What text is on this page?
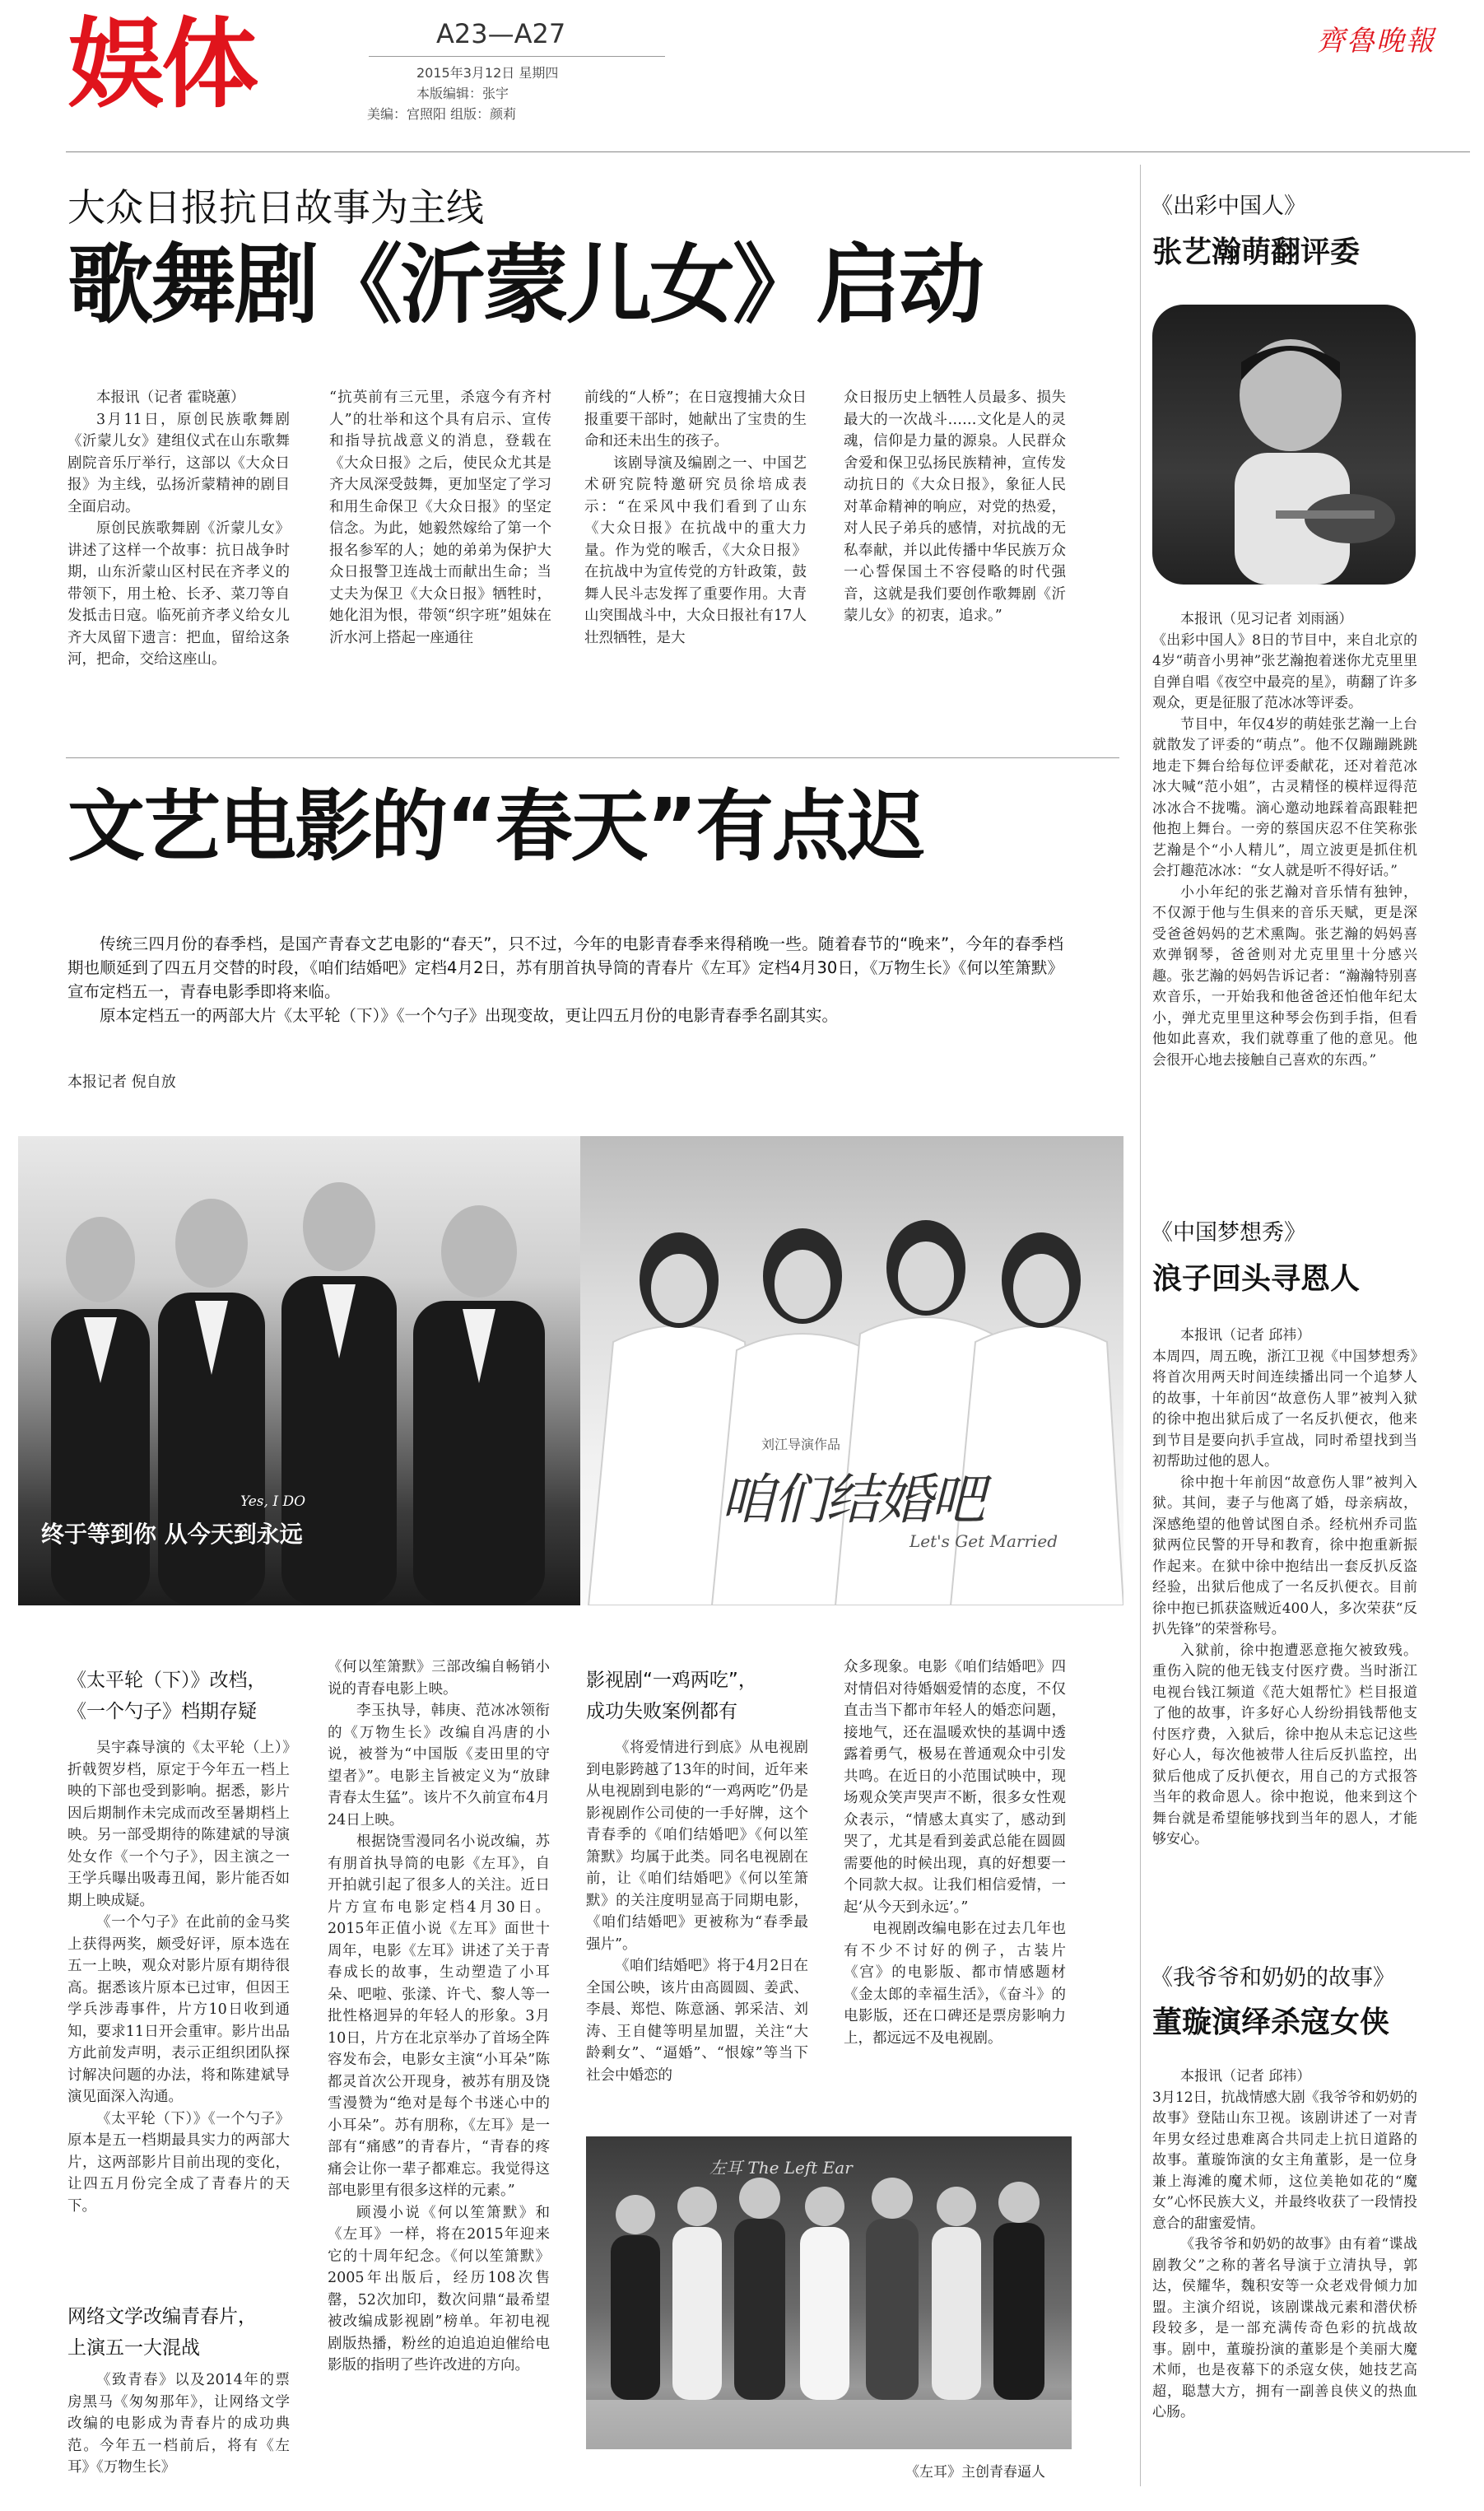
娱体	A23—A27
2015年3月12日 星期四
本版编辑：张宇
美编：宫照阳 组版：颜莉
齊魯晚報
大众日报抗日故事为主线
歌舞剧《沂蒙儿女》启动

本报讯（记者 霍晓蕙）

3月11日，原创民族歌舞剧《沂蒙儿女》建组仪式在山东歌舞剧院音乐厅举行，这部以《大众日报》为主线，弘扬沂蒙精神的剧目全面启动。

原创民族歌舞剧《沂蒙儿女》讲述了这样一个故事：抗日战争时期，山东沂蒙山区村民在齐孝义的带领下，用土枪、长矛、菜刀等自发抵击日寇。临死前齐孝义给女儿齐大凤留下遗言：把血，留给这条河，把命，交给这座山。

“抗英前有三元里，杀寇今有齐村人”的壮举和这个具有启示、宣传和指导抗战意义的消息，登载在《大众日报》之后，使民众尤其是齐大凤深受鼓舞，更加坚定了学习和用生命保卫《大众日报》的坚定信念。为此，她毅然嫁给了第一个报名参军的人；她的弟弟为保护大众日报警卫连战士而献出生命；当丈夫为保卫《大众日报》牺牲时，她化泪为恨，带领“织字班”姐妹在沂水河上搭起一座通往

前线的“人桥”；在日寇搜捕大众日报重要干部时，她献出了宝贵的生命和还未出生的孩子。

该剧导演及编剧之一、中国艺术研究院特邀研究员徐培成表示：“在采风中我们看到了山东《大众日报》在抗战中的重大力量。作为党的喉舌，《大众日报》在抗战中为宣传党的方针政策，鼓舞人民斗志发挥了重要作用。大青山突围战斗中，大众日报社有17人壮烈牺牲，是大

众日报历史上牺牲人员最多、损失最大的一次战斗……文化是人的灵魂，信仰是力量的源泉。人民群众舍爱和保卫弘扬民族精神，宣传发动抗日的《大众日报》，象征人民对革命精神的响应，对党的热爱，对人民子弟兵的感情，对抗战的无私奉献，并以此传播中华民族万众一心誓保国土不容侵略的时代强音，这就是我们要创作歌舞剧《沂蒙儿女》的初衷，追求。”

文艺电影的“春天”有点迟

传统三四月份的春季档，是国产青春文艺电影的“春天”，只不过，今年的电影青春季来得稍晚一些。随着春节的“晚来”，今年的春季档期也顺延到了四五月交替的时段，《咱们结婚吧》定档4月2日，苏有朋首执导筒的青春片《左耳》定档4月30日，《万物生长》《何以笙箫默》宣布定档五一，青春电影季即将来临。

原本定档五一的两部大片《太平轮（下）》《一个勺子》出现变故，更让四五月份的电影青春季名副其实。

本报记者 倪自放
终于等到你 从今天到永远
Yes, I DO
刘江导演作品
咱们结婚吧
Let's Get Married
《太平轮（下）》改档，
《一个勺子》档期存疑

吴宇森导演的《太平轮（上）》折戟贺岁档，原定于今年五一档上映的下部也受到影响。据悉，影片因后期制作未完成而改至暑期档上映。另一部受期待的陈建斌的导演处女作《一个勺子》，因主演之一王学兵曝出吸毒丑闻，影片能否如期上映成疑。

《一个勺子》在此前的金马奖上获得两奖，颇受好评，原本选在五一上映，观众对影片原有期待很高。据悉该片原本已过审，但因王学兵涉毒事件，片方10日收到通知，要求11日开会重审。影片出品方此前发声明，表示正组织团队探讨解决问题的办法，将和陈建斌导演见面深入沟通。

《太平轮（下）》《一个勺子》原本是五一档期最具实力的两部大片，这两部影片目前出现的变化，让四五月份完全成了青春片的天下。

网络文学改编青春片，
上演五一大混战

《致青春》以及2014年的票房黑马《匆匆那年》，让网络文学改编的电影成为青春片的成功典范。今年五一档前后，将有《左耳》《万物生长》

《何以笙箫默》三部改编自畅销小说的青春电影上映。

李玉执导，韩庚、范冰冰领衔的《万物生长》改编自冯唐的小说，被誉为“中国版《麦田里的守望者》”。电影主旨被定义为“放肆青春太生猛”。该片不久前宣布4月24日上映。

根据饶雪漫同名小说改编，苏有朋首执导筒的电影《左耳》，自开拍就引起了很多人的关注。近日片方宣布电影定档4月30日。2015年正值小说《左耳》面世十周年，电影《左耳》讲述了关于青春成长的故事，生动塑造了小耳朵、吧啦、张漾、许弋、黎人等一批性格迥异的年轻人的形象。3月10日，片方在北京举办了首场全阵容发布会，电影女主演“小耳朵”陈都灵首次公开现身，被苏有朋及饶雪漫赞为“绝对是每个书迷心中的小耳朵”。苏有朋称，《左耳》是一部有“痛感”的青春片，“青春的疼痛会让你一辈子都难忘。我觉得这部电影里有很多这样的元素。”

顾漫小说《何以笙箫默》和《左耳》一样，将在2015年迎来它的十周年纪念。《何以笙箫默》2005年出版后，经历108次售罄，52次加印，数次问鼎“最希望被改编成影视剧”榜单。年初电视剧版热播，粉丝的迫追迫迫催给电影版的指明了些许改进的方向。

影视剧“一鸡两吃”，
成功失败案例都有

《将爱情进行到底》从电视剧到电影跨越了13年的时间，近年来从电视剧到电影的“一鸡两吃”仍是影视剧作公司使的一手好牌，这个青春季的《咱们结婚吧》《何以笙箫默》均属于此类。同名电视剧在前，让《咱们结婚吧》《何以笙箫默》的关注度明显高于同期电影，《咱们结婚吧》更被称为“春季最强片”。

《咱们结婚吧》将于4月2日在全国公映，该片由高圆圆、姜武、李晨、郑恺、陈意涵、郭采洁、刘涛、王自健等明星加盟，关注“大龄剩女”、“逼婚”、“恨嫁”等当下社会中婚恋的

众多现象。电影《咱们结婚吧》四对情侣对待婚姻爱情的态度，不仅直击当下都市年轻人的婚恋问题，接地气，还在温暖欢快的基调中透露着勇气，极易在普通观众中引发共鸣。在近日的小范围试映中，现场观众笑声哭声不断，很多女性观众表示，“情感太真实了，感动到哭了，尤其是看到姜武总能在圆圆需要他的时候出现，真的好想要一个同款大叔。让我们相信爱情，一起‘从今天到永远’。”

电视剧改编电影在过去几年也有不少不讨好的例子，古装片《宫》的电影版、都市情感题材《金太郎的幸福生活》，《奋斗》的电影版，还在口碑还是票房影响力上，都远远不及电视剧。

左耳 The Left Ear
《左耳》主创青春逼人
《出彩中国人》
张艺瀚萌翻评委

本报讯（见习记者 刘雨涵）

《出彩中国人》8日的节目中，来自北京的4岁“萌音小男神”张艺瀚抱着迷你尤克里里自弹自唱《夜空中最亮的星》，萌翻了许多观众，更是征服了范冰冰等评委。

节目中，年仅4岁的萌娃张艺瀚一上台就散发了评委的“萌点”。他不仅蹦蹦跳跳地走下舞台给每位评委献花，还对着范冰冰大喊“范小姐”，古灵精怪的模样逗得范冰冰合不拢嘴。滴心邀动地踩着高跟鞋把他抱上舞台。一旁的蔡国庆忍不住笑称张艺瀚是个“小人精儿”，周立波更是抓住机会打趣范冰冰：“女人就是听不得好话。”

小小年纪的张艺瀚对音乐情有独钟，不仅源于他与生俱来的音乐天赋，更是深受爸爸妈妈的艺术熏陶。张艺瀚的妈妈喜欢弹钢琴，爸爸则对尤克里里十分感兴趣。张艺瀚的妈妈告诉记者：“瀚瀚特别喜欢音乐，一开始我和他爸爸还怕他年纪太小，弹尤克里里这种琴会伤到手指，但看他如此喜欢，我们就尊重了他的意见。他会很开心地去接触自己喜欢的东西。”

《中国梦想秀》
浪子回头寻恩人

本报讯（记者 邱祎）

本周四，周五晚，浙江卫视《中国梦想秀》将首次用两天时间连续播出同一个追梦人的故事，十年前因“故意伤人罪”被判入狱的徐中抱出狱后成了一名反扒便衣，他来到节目是要向扒手宣战，同时希望找到当初帮助过他的恩人。

徐中抱十年前因“故意伤人罪”被判入狱。其间，妻子与他离了婚，母亲病故，深感绝望的他曾试图自杀。经杭州乔司监狱两位民警的开导和教育，徐中抱重新振作起来。在狱中徐中抱结出一套反扒反盗经验，出狱后他成了一名反扒便衣。目前徐中抱已抓获盗贼近400人，多次荣获“反扒先锋”的荣誉称号。

入狱前，徐中抱遭恶意拖欠被致残。重伤入院的他无钱支付医疗费。当时浙江电视台钱江频道《范大姐帮忙》栏目报道了他的故事，许多好心人纷纷捐钱帮他支付医疗费，入狱后，徐中抱从未忘记这些好心人，每次他被带人往后反扒监控，出狱后他成了反扒便衣，用自己的方式报答当年的救命恩人。徐中抱说，他来到这个舞台就是希望能够找到当年的恩人，才能够安心。

《我爷爷和奶奶的故事》
董璇演绎杀寇女侠

本报讯（记者 邱祎）

3月12日，抗战情感大剧《我爷爷和奶奶的故事》登陆山东卫视。该剧讲述了一对青年男女经过患难离合共同走上抗日道路的故事。董璇饰演的女主角董影，是一位身兼上海滩的魔术师，这位美艳如花的“魔女”心怀民族大义，并最终收获了一段情投意合的甜蜜爱情。

《我爷爷和奶奶的故事》由有着“谍战剧教父”之称的著名导演于立清执导，郭达，侯耀华，魏积安等一众老戏骨倾力加盟。主演介绍说，该剧谍战元素和潜伏桥段较多，是一部充满传奇色彩的抗战故事。剧中，董璇扮演的董影是个美丽大魔术师，也是夜幕下的杀寇女侠，她技艺高超，聪慧大方，拥有一副善良侠义的热血心肠。
